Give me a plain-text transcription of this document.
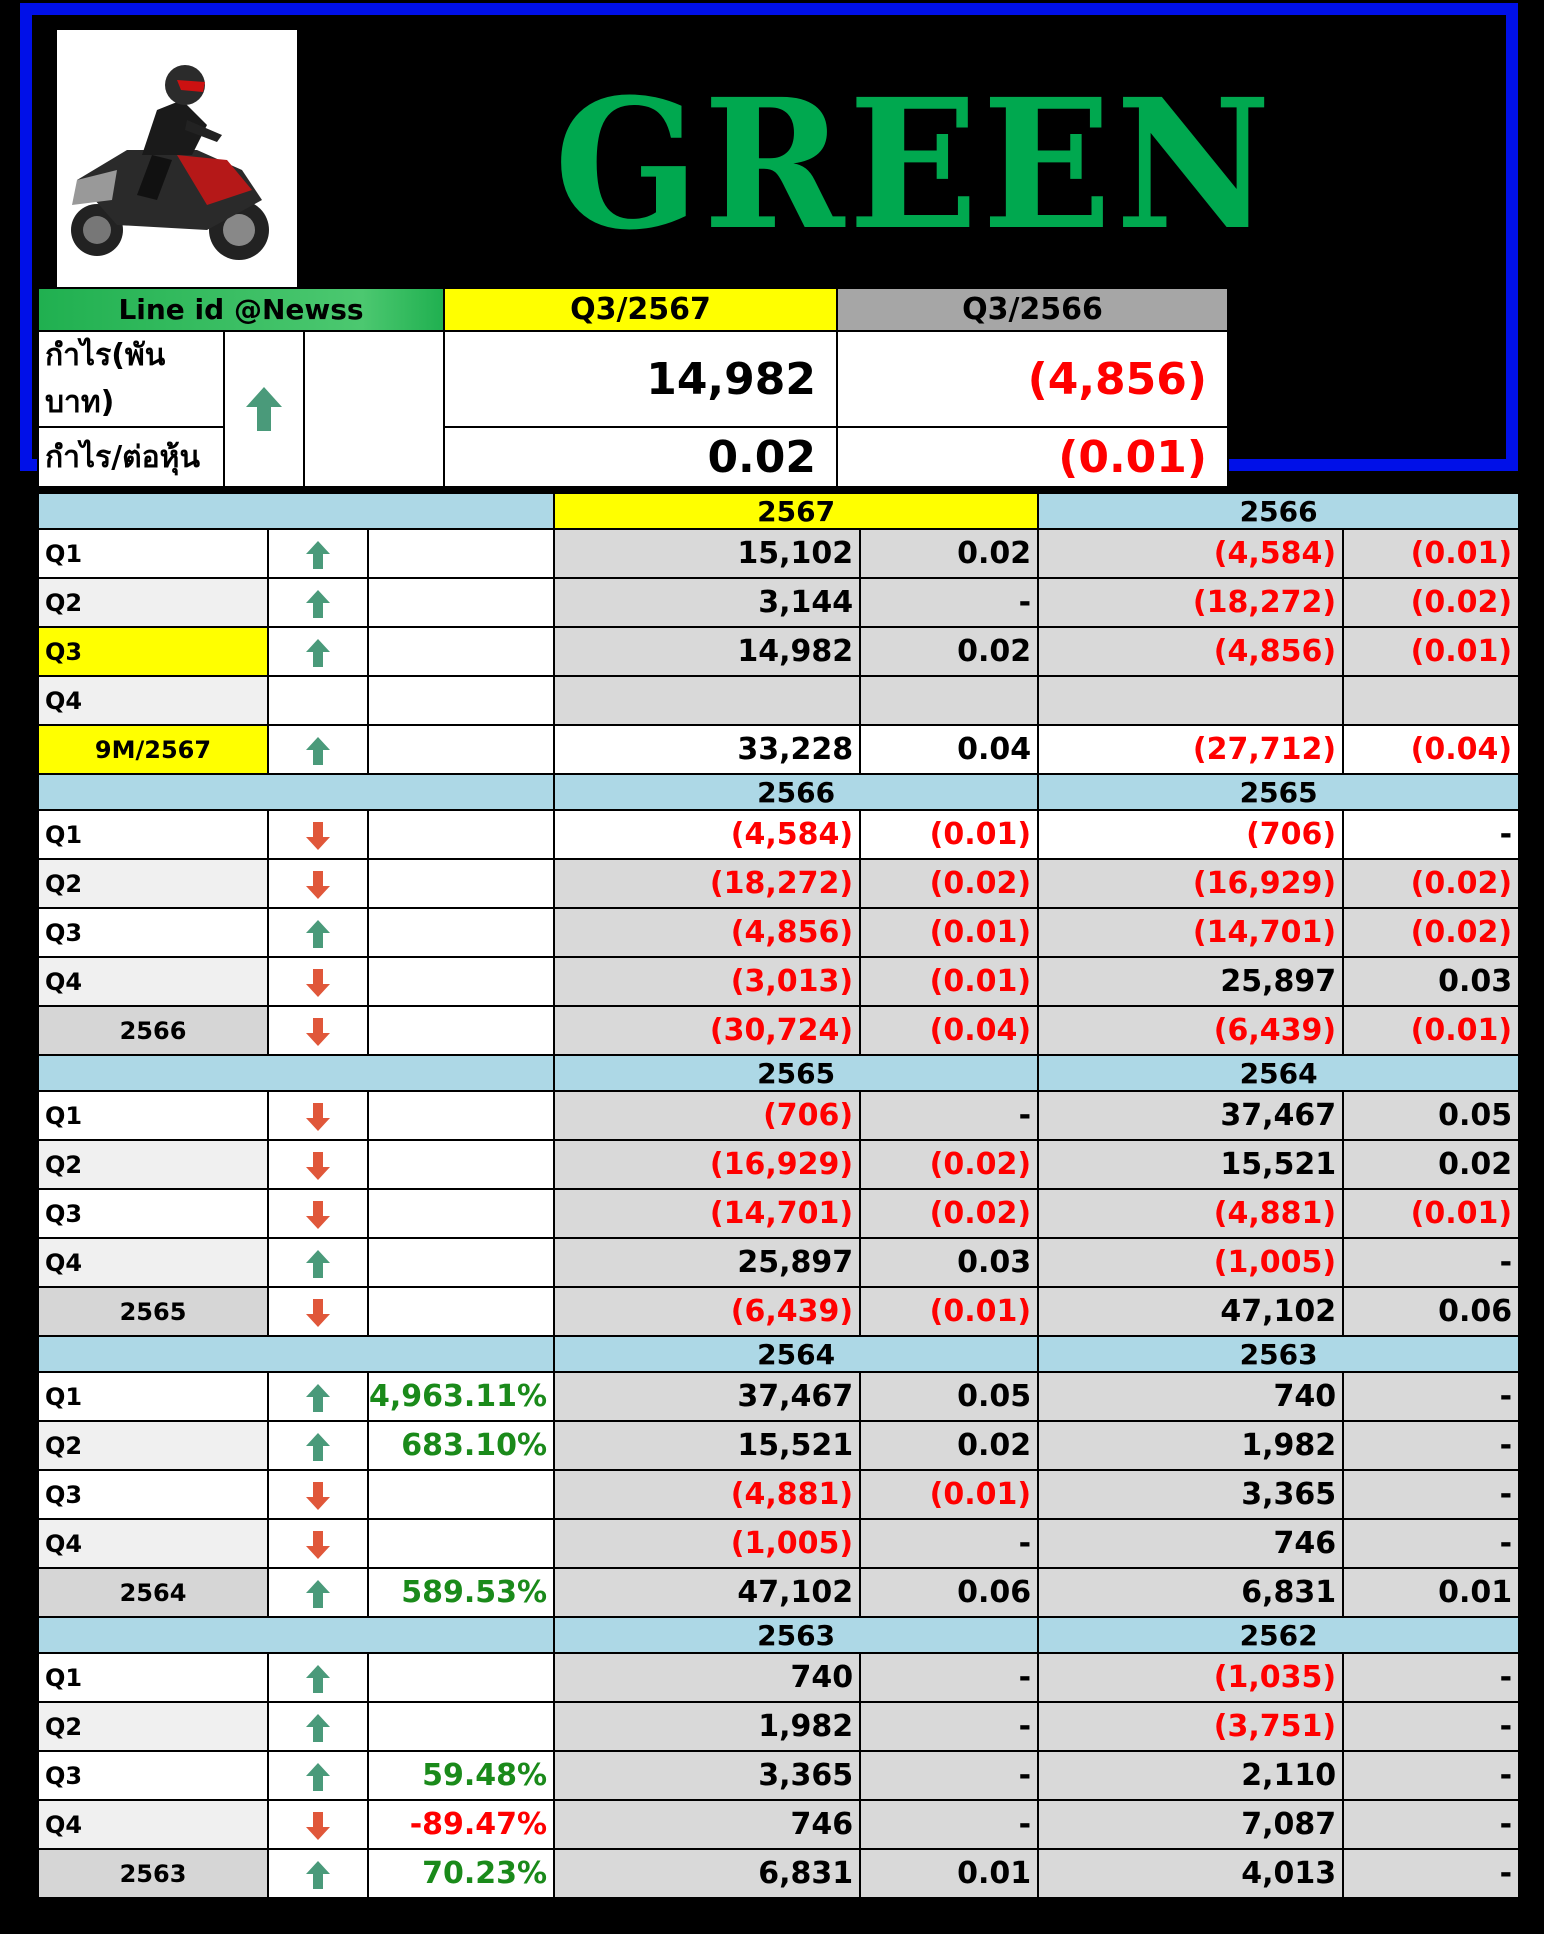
GREEN
Line id @Newss			Q3/2567	Q3/2566
กำไร(พันบาท)			14,982	(4,856)
กำไร/ต่อหุ้น			0.02	(0.01)
			2567		2566	
Q1			15,102	0.02	(4,584)	(0.01)
Q2			3,144	-	(18,272)	(0.02)
Q3			14,982	0.02	(4,856)	(0.01)
Q4						
9M/2567			33,228	0.04	(27,712)	(0.04)
			2566		2565	
Q1			(4,584)	(0.01)	(706)	-
Q2			(18,272)	(0.02)	(16,929)	(0.02)
Q3			(4,856)	(0.01)	(14,701)	(0.02)
Q4			(3,013)	(0.01)	25,897	0.03
2566			(30,724)	(0.04)	(6,439)	(0.01)
			2565		2564	
Q1			(706)	-	37,467	0.05
Q2			(16,929)	(0.02)	15,521	0.02
Q3			(14,701)	(0.02)	(4,881)	(0.01)
Q4			25,897	0.03	(1,005)	-
2565			(6,439)	(0.01)	47,102	0.06
			2564		2563	
Q1		4,963.11%	37,467	0.05	740	-
Q2		683.10%	15,521	0.02	1,982	-
Q3			(4,881)	(0.01)	3,365	-
Q4			(1,005)	-	746	-
2564		589.53%	47,102	0.06	6,831	0.01
			2563		2562	
Q1			740	-	(1,035)	-
Q2			1,982	-	(3,751)	-
Q3		59.48%	3,365	-	2,110	-
Q4		-89.47%	746	-	7,087	-
2563		70.23%	6,831	0.01	4,013	-
